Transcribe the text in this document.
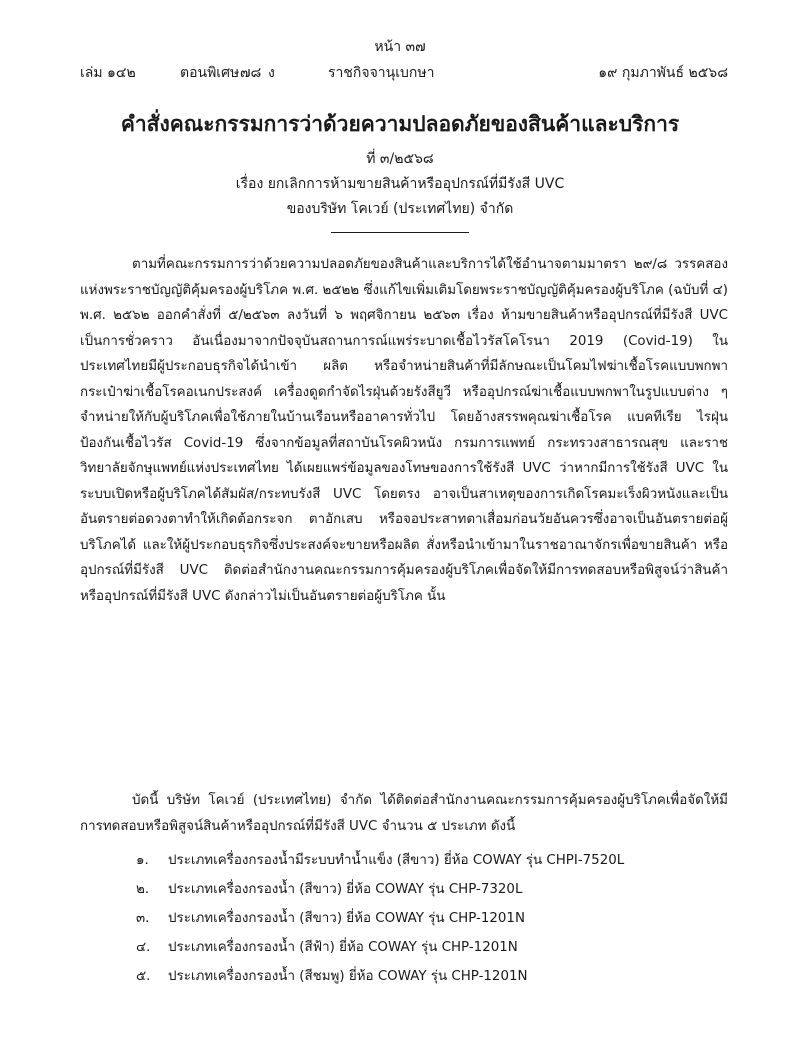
หน้า ๓๗
เล่ม ๑๔๒	ตอนพิเศษ ๗๘ ง	ราชกิจจานุเบกษา	๑๙ กุมภาพันธ์ ๒๕๖๘
คำสั่งคณะกรรมการว่าด้วยความปลอดภัยของสินค้าและบริการ
ที่ ๓/๒๕๖๘
เรื่อง ยกเลิกการห้ามขายสินค้าหรืออุปกรณ์ที่มีรังสี UVC
ของบริษัท โคเวย์ (ประเทศไทย) จำกัด

ตามที่คณะกรรมการว่าด้วยความปลอดภัยของสินค้าและบริการได้ใช้อำนาจตามมาตรา ๒๙/๘ วรรคสอง แห่งพระราชบัญญัติคุ้มครองผู้บริโภค พ.ศ. ๒๕๒๒ ซึ่งแก้ไขเพิ่มเติมโดยพระราชบัญญัติคุ้มครองผู้บริโภค (ฉบับที่ ๔) พ.ศ. ๒๕๖๒ ออกคำสั่งที่ ๕/๒๕๖๓ ลงวันที่ ๖ พฤศจิกายน ๒๕๖๓ เรื่อง ห้ามขายสินค้าหรืออุปกรณ์ที่มีรังสี UVC เป็นการชั่วคราว อันเนื่องมาจากปัจจุบันสถานการณ์แพร่ระบาดเชื้อไวรัสโคโรนา 2019 (Covid-19) ในประเทศไทยมีผู้ประกอบธุรกิจได้นำเข้า ผลิต หรือจำหน่ายสินค้าที่มีลักษณะเป็นโคมไฟฆ่าเชื้อโรคแบบพกพา กระเป๋าฆ่าเชื้อโรคอเนกประสงค์ เครื่องดูดกำจัดไรฝุ่นด้วยรังสียูวี หรืออุปกรณ์ฆ่าเชื้อแบบพกพาในรูปแบบต่าง ๆ จำหน่ายให้กับผู้บริโภคเพื่อใช้ภายในบ้านเรือนหรืออาคารทั่วไป โดยอ้างสรรพคุณฆ่าเชื้อโรค แบคทีเรีย ไรฝุ่น ป้องกันเชื้อไวรัส Covid-19 ซึ่งจากข้อมูลที่สถาบันโรคผิวหนัง กรมการแพทย์ กระทรวงสาธารณสุข และราชวิทยาลัยจักษุแพทย์แห่งประเทศไทย ได้เผยแพร่ข้อมูลของโทษของการใช้รังสี UVC ว่าหากมีการใช้รังสี UVC ในระบบเปิดหรือผู้บริโภคได้สัมผัส/กระทบรังสี UVC โดยตรง อาจเป็นสาเหตุของการเกิดโรคมะเร็งผิวหนังและเป็นอันตรายต่อดวงตาทำให้เกิดต้อกระจก ตาอักเสบ หรือจอประสาทตาเสื่อมก่อนวัยอันควรซึ่งอาจเป็นอันตรายต่อผู้บริโภคได้ และให้ผู้ประกอบธุรกิจซึ่งประสงค์จะขายหรือผลิต สั่งหรือนำเข้ามาในราชอาณาจักรเพื่อขายสินค้า หรืออุปกรณ์ที่มีรังสี UVC ติดต่อสำนักงานคณะกรรมการคุ้มครองผู้บริโภคเพื่อจัดให้มีการทดสอบหรือพิสูจน์ว่าสินค้าหรืออุปกรณ์ที่มีรังสี UVC ดังกล่าวไม่เป็นอันตรายต่อผู้บริโภค นั้น

บัดนี้ บริษัท โคเวย์ (ประเทศไทย) จำกัด ได้ติดต่อสำนักงานคณะกรรมการคุ้มครองผู้บริโภคเพื่อจัดให้มีการทดสอบหรือพิสูจน์สินค้าหรืออุปกรณ์ที่มีรังสี UVC จำนวน ๕ ประเภท ดังนี้

๑. ประเภทเครื่องกรองน้ำมีระบบทำน้ำแข็ง (สีขาว) ยี่ห้อ COWAY รุ่น CHPI-7520L
๒. ประเภทเครื่องกรองน้ำ (สีขาว) ยี่ห้อ COWAY รุ่น CHP-7320L
๓. ประเภทเครื่องกรองน้ำ (สีขาว) ยี่ห้อ COWAY รุ่น CHP-1201N
๔. ประเภทเครื่องกรองน้ำ (สีฟ้า) ยี่ห้อ COWAY รุ่น CHP-1201N
๕. ประเภทเครื่องกรองน้ำ (สีชมพู) ยี่ห้อ COWAY รุ่น CHP-1201N
